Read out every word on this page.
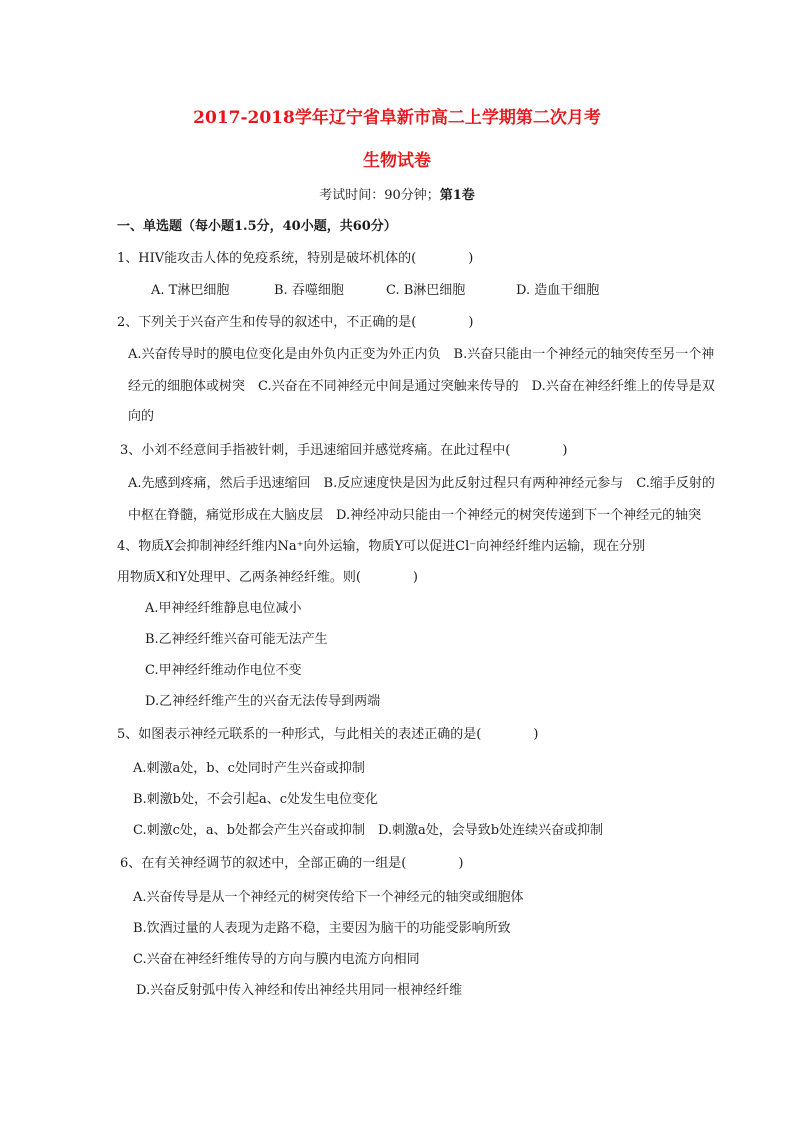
2017-2018学年辽宁省阜新市高二上学期第二次月考
生物试卷
考试时间：90分钟；第1卷
一、单选题（每小题1.5分，40小题，共60分）
1、HIV能攻击人体的免疫系统，特别是破坏机体的(　　　　)
A. T淋巴细胞	B. 吞噬细胞	C. B淋巴细胞	D. 造血干细胞
2、下列关于兴奋产生和传导的叙述中，不正确的是(　　　　)
A.兴奋传导时的膜电位变化是由外负内正变为外正内负　B.兴奋只能由一个神经元的轴突传至另一个神
经元的细胞体或树突　C.兴奋在不同神经元中间是通过突触来传导的　D.兴奋在神经纤维上的传导是双
向的
3、小刘不经意间手指被针刺，手迅速缩回并感觉疼痛。在此过程中(　　　　)
A.先感到疼痛，然后手迅速缩回　B.反应速度快是因为此反射过程只有两种神经元参与　C.缩手反射的
中枢在脊髓，痛觉形成在大脑皮层　D.神经冲动只能由一个神经元的树突传递到下一个神经元的轴突
4、物质X会抑制神经纤维内Na⁺向外运输，物质Y可以促进Cl⁻向神经纤维内运输，现在分别
用物质X和Y处理甲、乙两条神经纤维。则(　　　　)
A.甲神经纤维静息电位减小
B.乙神经纤维兴奋可能无法产生
C.甲神经纤维动作电位不变
D.乙神经纤维产生的兴奋无法传导到两端
5、如图表示神经元联系的一种形式，与此相关的表述正确的是(　　　　)
A.刺激a处，b、c处同时产生兴奋或抑制
B.刺激b处，不会引起a、c处发生电位变化
C.刺激c处，a、b处都会产生兴奋或抑制　D.刺激a处，会导致b处连续兴奋或抑制
6、在有关神经调节的叙述中，全部正确的一组是(　　　　)
A.兴奋传导是从一个神经元的树突传给下一个神经元的轴突或细胞体
B.饮酒过量的人表现为走路不稳，主要因为脑干的功能受影响所致
C.兴奋在神经纤维传导的方向与膜内电流方向相同
D.兴奋反射弧中传入神经和传出神经共用同一根神经纤维
